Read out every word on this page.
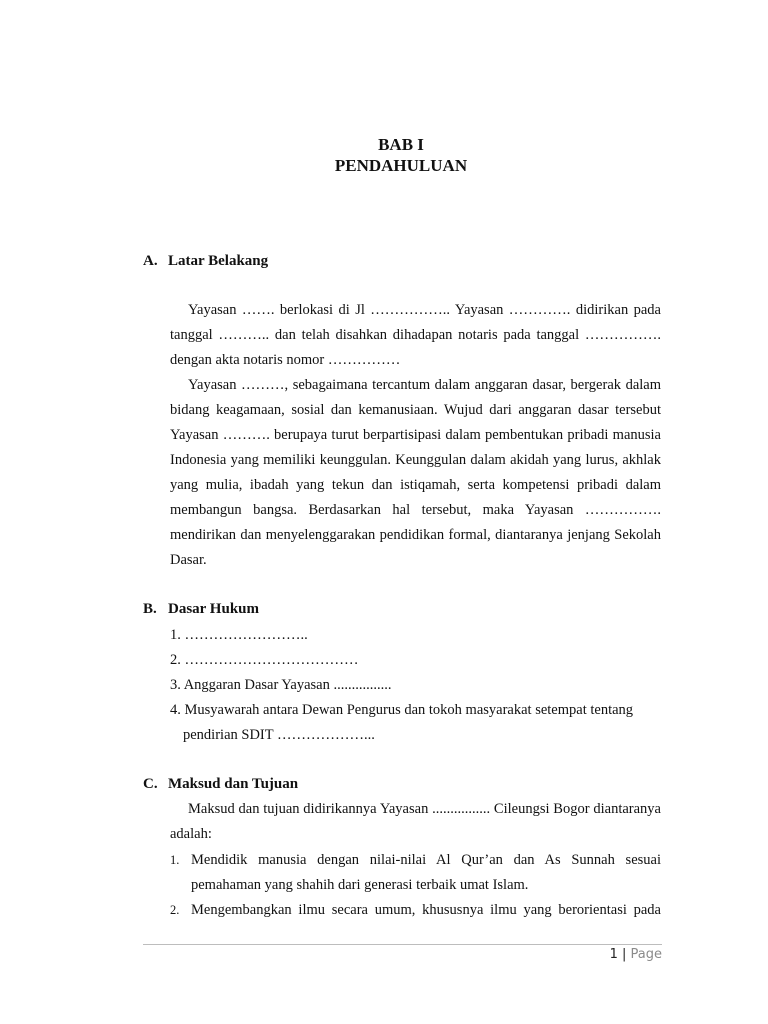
BAB I
PENDAHULUAN
A. Latar Belakang
Yayasan ……. berlokasi di Jl …………….. Yayasan …………. didirikan pada tanggal ……….. dan telah disahkan dihadapan notaris pada tanggal ……………. dengan akta notaris nomor ……………
Yayasan ………, sebagaimana tercantum dalam anggaran dasar, bergerak dalam bidang keagamaan, sosial dan kemanusiaan. Wujud dari anggaran dasar tersebut Yayasan ………. berupaya turut berpartisipasi dalam pembentukan pribadi manusia Indonesia yang memiliki keunggulan. Keunggulan dalam akidah yang lurus, akhlak yang mulia, ibadah yang tekun dan istiqamah, serta kompetensi pribadi dalam membangun bangsa. Berdasarkan hal tersebut, maka Yayasan ……………. mendirikan dan menyelenggarakan pendidikan formal, diantaranya jenjang Sekolah Dasar.
B. Dasar Hukum
1. ……………………..
2. ………………………………
3. Anggaran Dasar Yayasan ................
4. Musyawarah antara Dewan Pengurus dan tokoh masyarakat setempat tentang
pendirian SDIT ………………...
C. Maksud dan Tujuan
Maksud dan tujuan didirikannya Yayasan ................ Cileungsi Bogor diantaranya adalah:
1. Mendidik manusia dengan nilai-nilai Al Qur’an dan As Sunnah sesuai pemahaman yang shahih dari generasi terbaik umat Islam.
2. Mengembangkan ilmu secara umum, khususnya ilmu yang berorientasi pada
1 | Page
